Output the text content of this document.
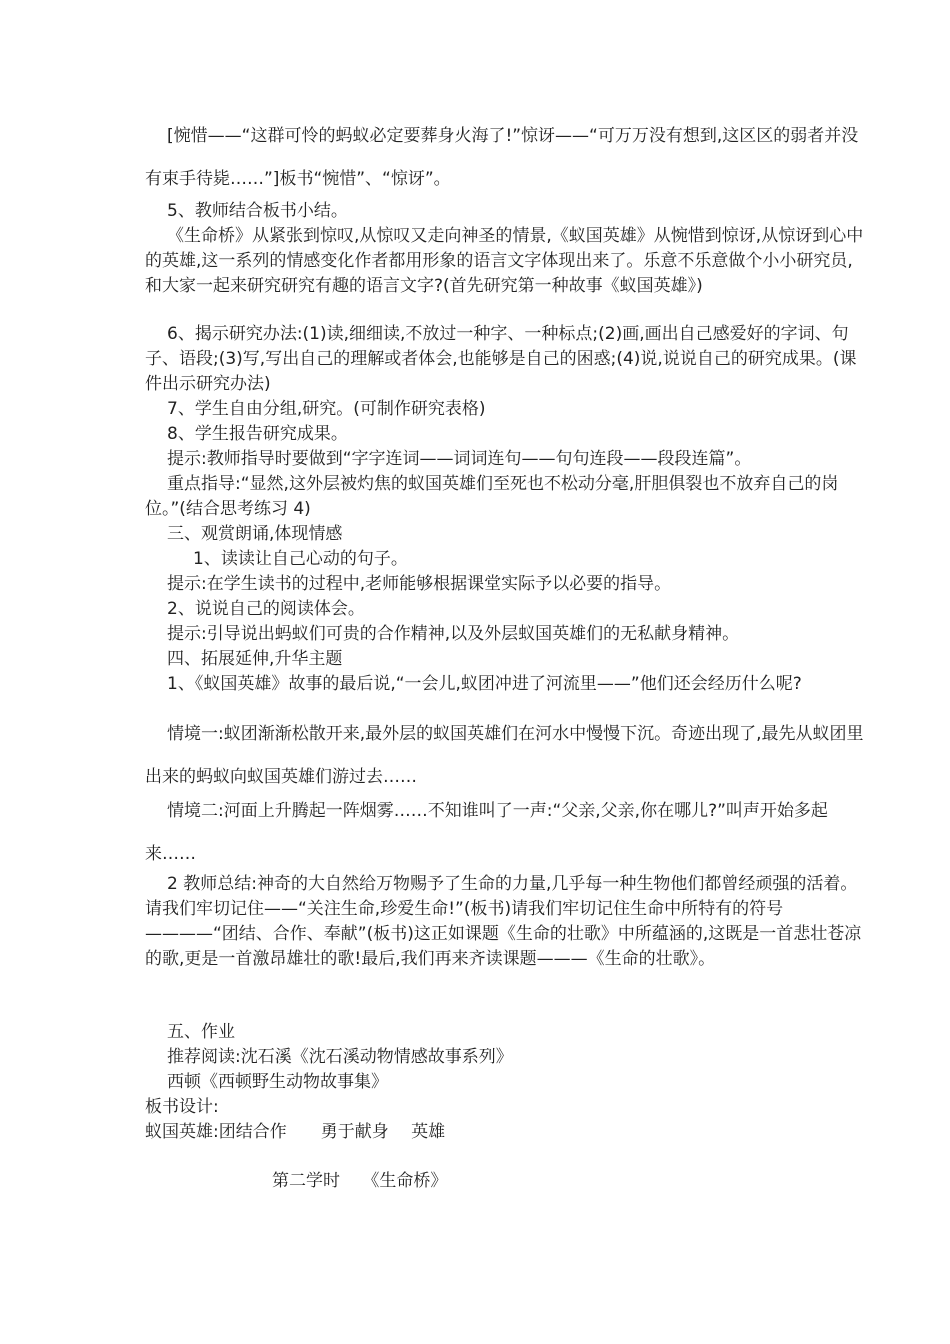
[惋惜——“这群可怜的蚂蚁必定要葬身火海了!”惊讶——“可万万没有想到,这区区的弱者并没有束手待毙……”]板书“惋惜”、“惊讶”。

5、教师结合板书小结。

《生命桥》从紧张到惊叹,从惊叹又走向神圣的情景,《蚁国英雄》从惋惜到惊讶,从惊讶到心中的英雄,这一系列的情感变化作者都用形象的语言文字体现出来了。乐意不乐意做个小小研究员,和大家一起来研究研究有趣的语言文字?(首先研究第一种故事《蚁国英雄》)

6、揭示研究办法:(1)读,细细读,不放过一种字、一种标点;(2)画,画出自己感爱好的字词、句子、语段;(3)写,写出自己的理解或者体会,也能够是自己的困惑;(4)说,说说自己的研究成果。(课件出示研究办法)

7、学生自由分组,研究。(可制作研究表格)

8、学生报告研究成果。

提示:教师指导时要做到“字字连词——词词连句——句句连段——段段连篇”。

重点指导:“显然,这外层被灼焦的蚁国英雄们至死也不松动分毫,肝胆俱裂也不放弃自己的岗位。”(结合思考练习 4)

三、观赏朗诵,体现情感

1、读读让自己心动的句子。

提示:在学生读书的过程中,老师能够根据课堂实际予以必要的指导。

2、说说自己的阅读体会。

提示:引导说出蚂蚁们可贵的合作精神,以及外层蚁国英雄们的无私献身精神。

四、拓展延伸,升华主题

1、《蚁国英雄》故事的最后说,“一会儿,蚁团冲进了河流里——”他们还会经历什么呢?

情境一:蚁团渐渐松散开来,最外层的蚁国英雄们在河水中慢慢下沉。奇迹出现了,最先从蚁团里出来的蚂蚁向蚁国英雄们游过去……

情境二:河面上升腾起一阵烟雾……不知谁叫了一声:“父亲,父亲,你在哪儿?”叫声开始多起来……

2 教师总结:神奇的大自然给万物赐予了生命的力量,几乎每一种生物他们都曾经顽强的活着。请我们牢切记住——“关注生命,珍爱生命!”(板书)请我们牢切记住生命中所特有的符号————“团结、合作、奉献”(板书)这正如课题《生命的壮歌》中所蕴涵的,这既是一首悲壮苍凉的歌,更是一首激昂雄壮的歌!最后,我们再来齐读课题———《生命的壮歌》。

五、作业

推荐阅读:沈石溪《沈石溪动物情感故事系列》

西顿《西顿野生动物故事集》

板书设计:

蚁国英雄:团结合作　　勇于献身　 英雄

第二学时　 《生命桥》
